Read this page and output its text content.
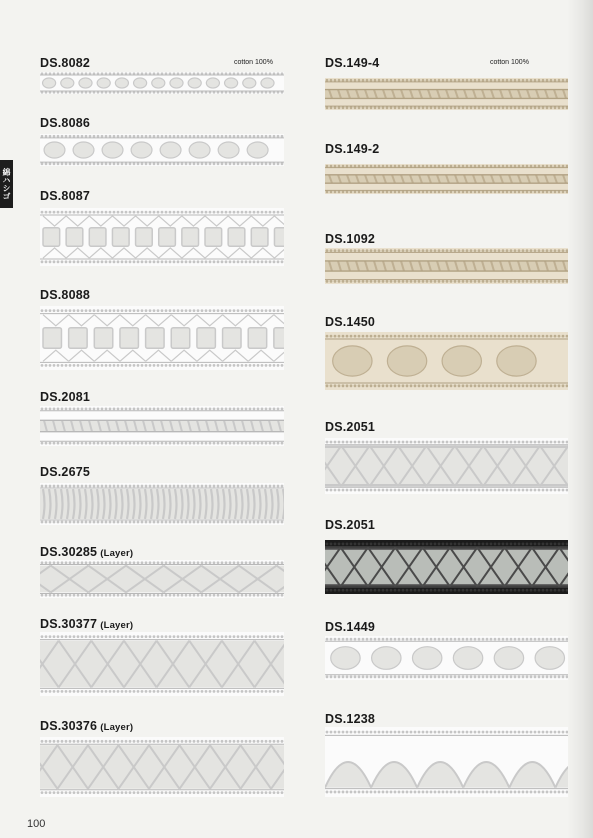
綿ハシゴ
DS.8082	cotton 100%
DS.8086
DS.8087
DS.8088
DS.2081
DS.2675
DS.30285 (Layer)
DS.30377 (Layer)
DS.30376 (Layer)
DS.149-4	cotton 100%
DS.149-2
DS.1092
DS.1450
DS.2051
DS.2051
DS.1449
DS.1238
100
